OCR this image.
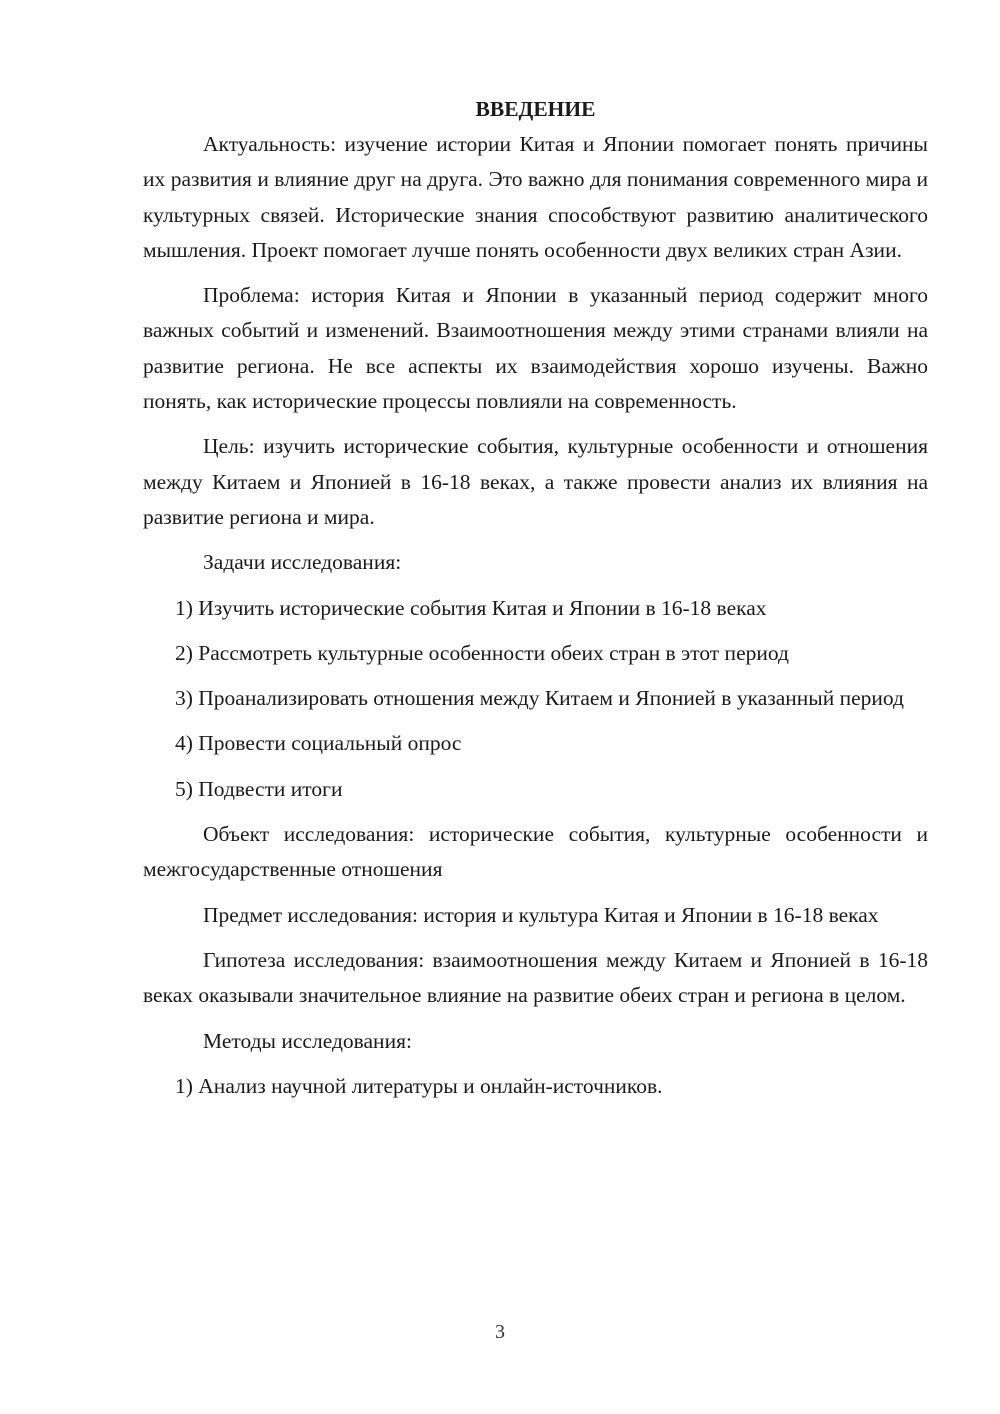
ВВЕДЕНИЕ

Актуальность: изучение истории Китая и Японии помогает понять причины их развития и влияние друг на друга. Это важно для понимания современного мира и культурных связей. Исторические знания способствуют развитию аналитического мышления. Проект помогает лучше понять особенности двух великих стран Азии.

Проблема: история Китая и Японии в указанный период содержит много важных событий и изменений. Взаимоотношения между этими странами влияли на развитие региона. Не все аспекты их взаимодействия хорошо изучены. Важно понять, как исторические процессы повлияли на современность.

Цель: изучить исторические события, культурные особенности и отношения между Китаем и Японией в 16-18 веках, а также провести анализ их влияния на развитие региона и мира.

Задачи исследования:

1) Изучить исторические события Китая и Японии в 16-18 веках

2) Рассмотреть культурные особенности обеих стран в этот период

3) Проанализировать отношения между Китаем и Японией в указанный период

4) Провести социальный опрос

5) Подвести итоги

Объект исследования: исторические события, культурные особенности и межгосударственные отношения

Предмет исследования: история и культура Китая и Японии в 16-18 веках

Гипотеза исследования: взаимоотношения между Китаем и Японией в 16-18 веках оказывали значительное влияние на развитие обеих стран и региона в целом.

Методы исследования:

1) Анализ научной литературы и онлайн-источников.

3
